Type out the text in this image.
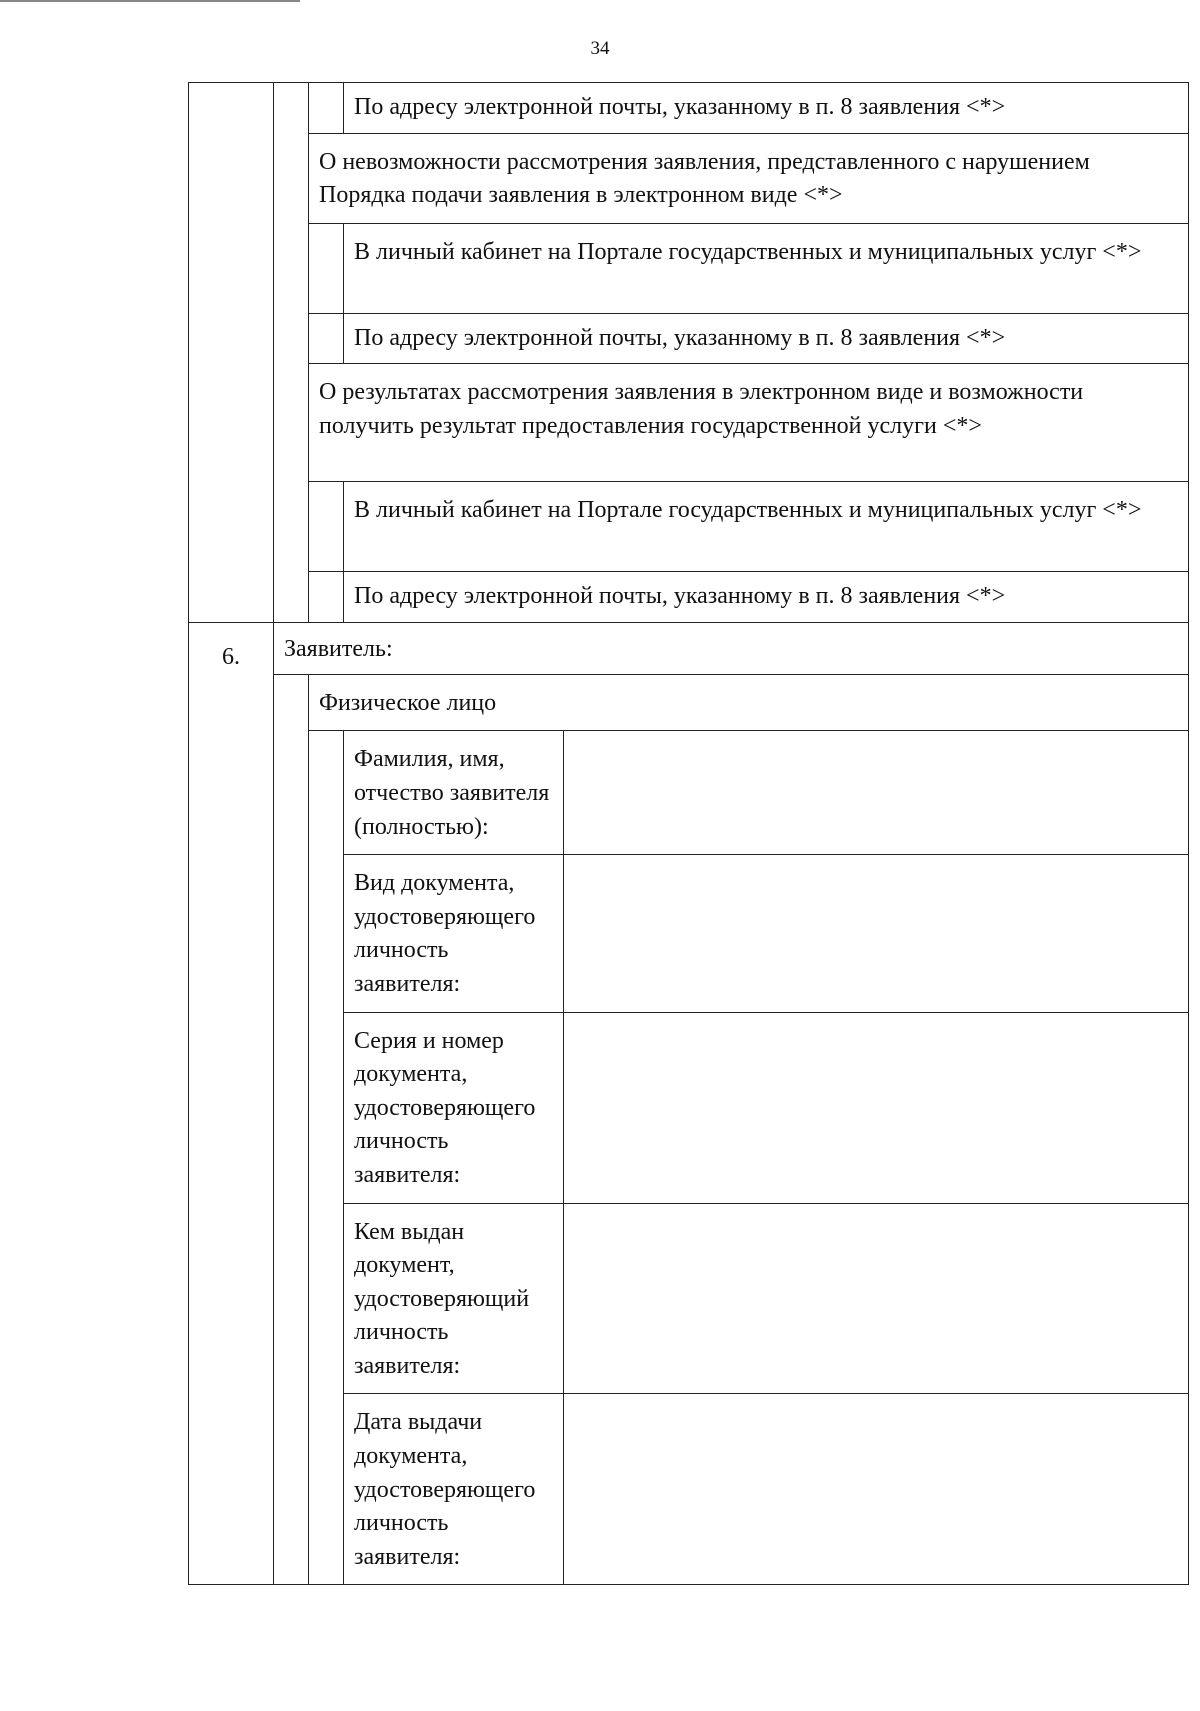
34
			По адресу электронной почты, указанному в п. 8 заявления <*>	
		О невозможности рассмотрения заявления, представленного с нарушением Порядка подачи заявления в электронном виде <*>		
			В личный кабинет на Портале государственных и муниципальных услуг <*>	
			По адресу электронной почты, указанному в п. 8 заявления <*>	
		О результатах рассмотрения заявления в электронном виде и возможности получить результат предоставления государственной услуги <*>		
			В личный кабинет на Портале государственных и муниципальных услуг <*>	
			По адресу электронной почты, указанному в п. 8 заявления <*>	
6.	Заявитель:			
		Физическое лицо		
			Фамилия, имя, отчество заявителя (полностью):	
			Вид документа, удостоверяющего личность заявителя:	
			Серия и номер документа, удостоверяющего личность заявителя:	
			Кем выдан документ, удостоверяющий личность заявителя:	
			Дата выдачи документа, удостоверяющего личность заявителя:	
